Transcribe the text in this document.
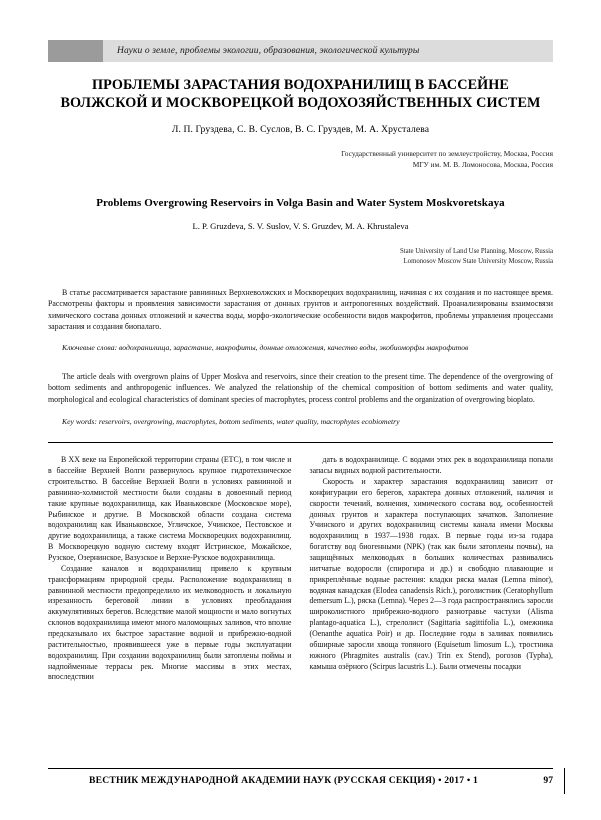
Науки о земле, проблемы экологии, образования, экологической культуры
ПРОБЛЕМЫ ЗАРАСТАНИЯ ВОДОХРАНИЛИЩ В БАССЕЙНЕ
ВОЛЖСКОЙ И МОСКВОРЕЦКОЙ ВОДОХОЗЯЙСТВЕННЫХ СИСТЕМ
Л. П. Груздева, С. В. Суслов, В. С. Груздев, М. А. Хрусталева
Государственный университет по землеустройству, Москва, Россия
МГУ им. М. В. Ломоносова, Москва, Россия
Problems Overgrowing Reservoirs in Volga Basin and Water System Moskvoretskaya
L. P. Gruzdeva, S. V. Suslov, V. S. Gruzdev, M. A. Khrustaleva
State University of Land Use Planning, Moscow, Russia
Lomonosov Moscow State University Moscow, Russia
В статье рассматривается зарастание равнинных Верхневолжских и Москворецких водохранилищ, начиная с их создания и по настоящее время. Рассмотрены факторы и проявления зависимости зарастания от донных грунтов и антропогенных воздействий. Проанализированы взаимосвязи химического состава донных отложений и качества воды, морфо-экологические особенности видов макрофитов, проблемы управления процессами зарастания и создания биопалаго.
Ключевые слова: водохранилища, зарастание, макрофиты, донные отложения, качество воды, экобиоморфы макрофитов
The article deals with overgrown plains of Upper Moskva and reservoirs, since their creation to the present time. The dependence of the overgrowing of bottom sediments and anthropogenic influences. We analyzed the relationship of the chemical composition of bottom sediments and water quality, morphological and ecological characteristics of dominant species of macrophytes, process control problems and the organization of overgrowing bioplato.
Key words: reservoirs, overgrowing, macrophytes, bottom sediments, water quality, macrophytes ecobiometry

В XX веке на Европейской территории страны (ЕТС), в том числе и в бассейне Верхней Волги развернулось крупное гидротехническое строительство. В бассейне Верхней Волги в условиях равнинной и равнинно-холмистой местности были созданы в довоенный период такие крупные водохранилища, как Иваньковское (Московское море), Рыбинское и другие. В Московской области создана система водохранилищ как Иваньковское, Угличское, Учинское, Пестовское и другие водохранилища, а также система Москворецких водохранилищ. В Москворецкую водную систему входят Истринское, Можайское, Рузское, Озернинское, Вазузское и Верхне-Рузское водохранилища.

Создание каналов и водохранилищ привело к крупным трансформациям природной среды. Расположение водохранилищ в равнинной местности предопределило их мелководность и локальную изрезанность береговой линии в условиях преобладания аккумулятивных берегов. Вследствие малой мощности и мало вогнутых склонов водохранилища имеют много маломощных заливов, что вполне предсказывало их быстрое зарастание водной и прибрежно-водной растительностью, проявившееся уже в первые годы эксплуатации водохранилищ. При создании водохранилищ были затоплены поймы и надпойменные террасы рек. Многие массивы в этих местах, впоследствии

дать в водохранилище. С водами этих рек в водохранилища попали запасы видных водной растительности.

Скорость и характер зарастания водохранилищ зависит от конфигурации его берегов, характера донных отложений, наличия и скорости течений, волнения, химического состава вод, особенностей донных грунтов и характера поступающих зачатков. Заполнение Учинского и других водохранилищ системы канала имени Москвы водохранилищ в 1937—1938 годах. В первые годы из-за годара богатству вод биогенными (NPK) (так как были затоплены почвы), на защищённых мелководьях в больших количествах развивались нитчатые водоросли (спирогира и др.) и свободно плавающие и прикреплённые водные растения: кладки ряска малая (Lemna minor), водяная канадская (Elodea canadensis Rich.), роголистник (Ceratophyllum demersum L.), ряска (Lemna). Через 2—3 года распространялись заросли широколистного прибрежно-водного разнотравье частухи (Alisma plantago-aquatica L.), стрелолист (Sagittaria sagittifolia L.), омежника (Oenanthe aquatica Poir) и др. Последние годы в заливах появились обширные заросли хвоща топяного (Equisetum limosum L.), тростника южного (Phragmites australis (cav.) Trin ex Stend), рогозов (Typha), камыша озёрного (Scirpus lacustris L.). Были отмечены посадки

ВЕСТНИК МЕЖДУНАРОДНОЙ АКАДЕМИИ НАУК (РУССКАЯ СЕКЦИЯ) • 2017 • 1	97
